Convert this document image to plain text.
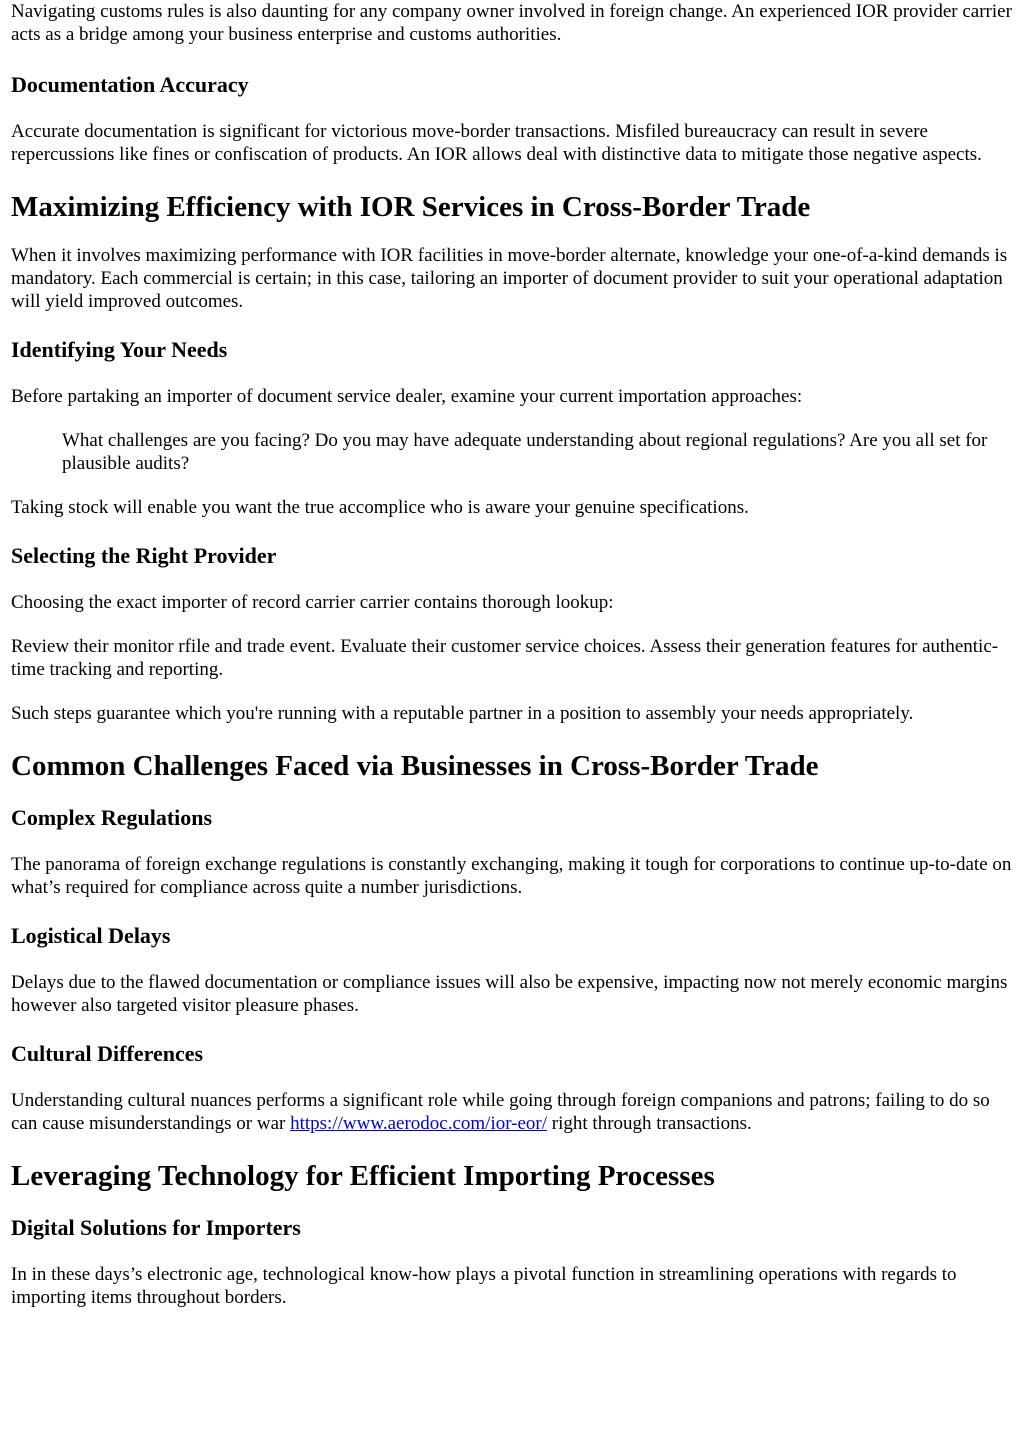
Navigating customs rules is also daunting for any company owner involved in foreign change. An experienced IOR provider carrier acts as a bridge among your business enterprise and customs authorities.

Documentation Accuracy

Accurate documentation is significant for victorious move-border transactions. Misfiled bureaucracy can result in severe repercussions like fines or confiscation of products. An IOR allows deal with distinctive data to mitigate those negative aspects.

Maximizing Efficiency with IOR Services in Cross-Border Trade

When it involves maximizing performance with IOR facilities in move-border alternate, knowledge your one-of-a-kind demands is mandatory. Each commercial is certain; in this case, tailoring an importer of document provider to suit your operational adaptation will yield improved outcomes.

Identifying Your Needs

Before partaking an importer of document service dealer, examine your current importation approaches:

What challenges are you facing? Do you may have adequate understanding about regional regulations? Are you all set for plausible audits?

Taking stock will enable you want the true accomplice who is aware your genuine specifications.

Selecting the Right Provider

Choosing the exact importer of record carrier carrier contains thorough lookup:

Review their monitor rfile and trade event. Evaluate their customer service choices. Assess their generation features for authentic-time tracking and reporting.

Such steps guarantee which you're running with a reputable partner in a position to assembly your needs appropriately.

Common Challenges Faced via Businesses in Cross-Border Trade
Complex Regulations

The panorama of foreign exchange regulations is constantly exchanging, making it tough for corporations to continue up-to-date on what’s required for compliance across quite a number jurisdictions.

Logistical Delays

Delays due to the flawed documentation or compliance issues will also be expensive, impacting now not merely economic margins however also targeted visitor pleasure phases.

Cultural Differences

Understanding cultural nuances performs a significant role while going through foreign companions and patrons; failing to do so can cause misunderstandings or war https://www.aerodoc.com/ior-eor/ right through transactions.

Leveraging Technology for Efficient Importing Processes
Digital Solutions for Importers

In in these days’s electronic age, technological know-how plays a pivotal function in streamlining operations with regards to importing items throughout borders.
